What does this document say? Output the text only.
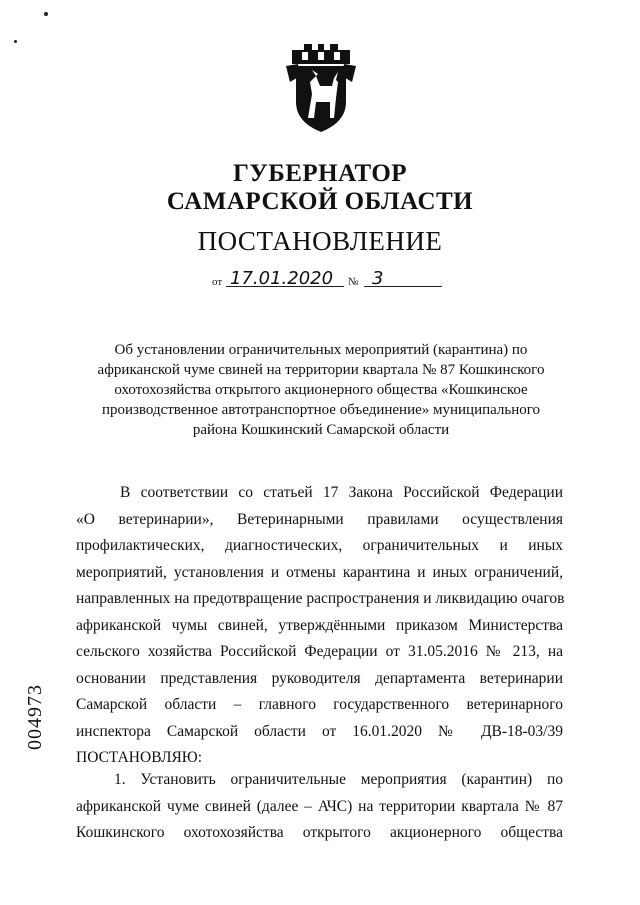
ГУБЕРНАТОР
САМАРСКОЙ ОБЛАСТИ
ПОСТАНОВЛЕНИЕ
от 17.01.2020 № 3
Об установлении ограничительных мероприятий (карантина) по
африканской чуме свиней на территории квартала № 87 Кошкинского
охотохозяйства открытого акционерного общества «Кошкинское
производственное автотранспортное объединение» муниципального
района Кошкинский Самарской области
В соответствии со статьей 17 Закона Российской Федерации
«О ветеринарии», Ветеринарными правилами осуществления
профилактических, диагностических, ограничительных и иных
мероприятий, установления и отмены карантина и иных ограничений,
направленных на предотвращение распространения и ликвидацию очагов
африканской чумы свиней, утверждёнными приказом Министерства
сельского хозяйства Российской Федерации от 31.05.2016 № 213, на
основании представления руководителя департамента ветеринарии
Самарской области – главного государственного ветеринарного
инспектора Самарской области от 16.01.2020 № ДВ-18-03/39
ПОСТАНОВЛЯЮ:
1. Установить ограничительные мероприятия (карантин) по
африканской чуме свиней (далее – АЧС) на территории квартала № 87
Кошкинского охотохозяйства открытого акционерного общества
004973
